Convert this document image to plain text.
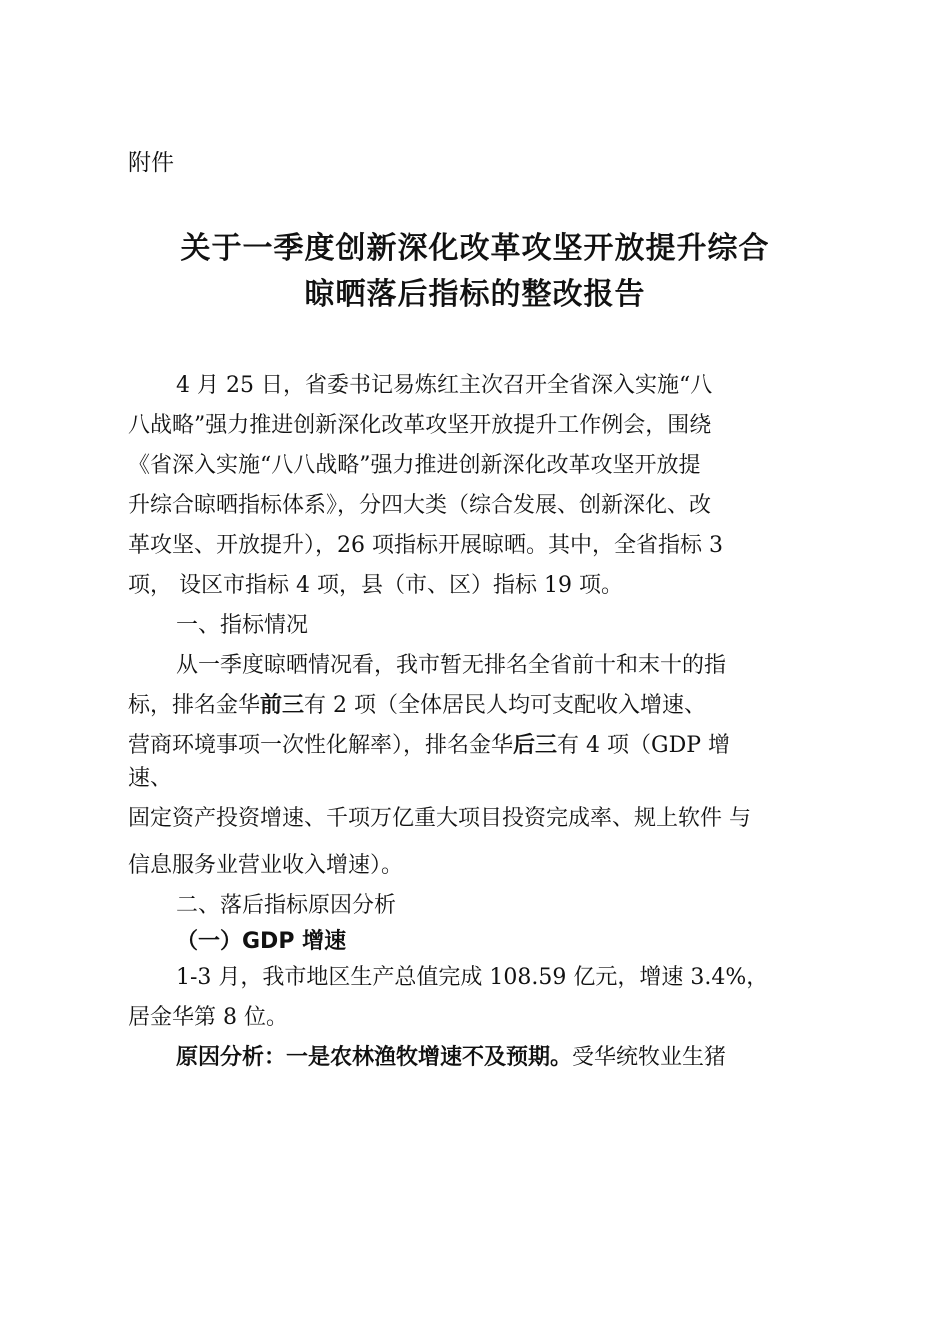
附件
关于一季度创新深化改革攻坚开放提升综合
晾晒落后指标的整改报告
4 月 25 日，省委书记易炼红主次召开全省深入实施“八
八战略”强力推进创新深化改革攻坚开放提升工作例会，围绕
《省深入实施“八八战略”强力推进创新深化改革攻坚开放提
升综合晾晒指标体系》，分四大类（综合发展、创新深化、改
革攻坚、开放提升），26 项指标开展晾晒。其中，全省指标 3
项， 设区市指标 4 项，县（市、区）指标 19 项。
一、指标情况
从一季度晾晒情况看，我市暂无排名全省前十和末十的指
标，排名金华前三有 2 项（全体居民人均可支配收入增速、
营商环境事项一次性化解率），排名金华后三有 4 项（GDP 增
速、
固定资产投资增速、千项万亿重大项目投资完成率、规上软件 与
信息服务业营业收入增速）。
二、落后指标原因分析
（一）GDP 增速
1-3 月，我市地区生产总值完成 108.59 亿元，增速 3.4%，
居金华第 8 位。
原因分析：一是农林渔牧增速不及预期。受华统牧业生猪
